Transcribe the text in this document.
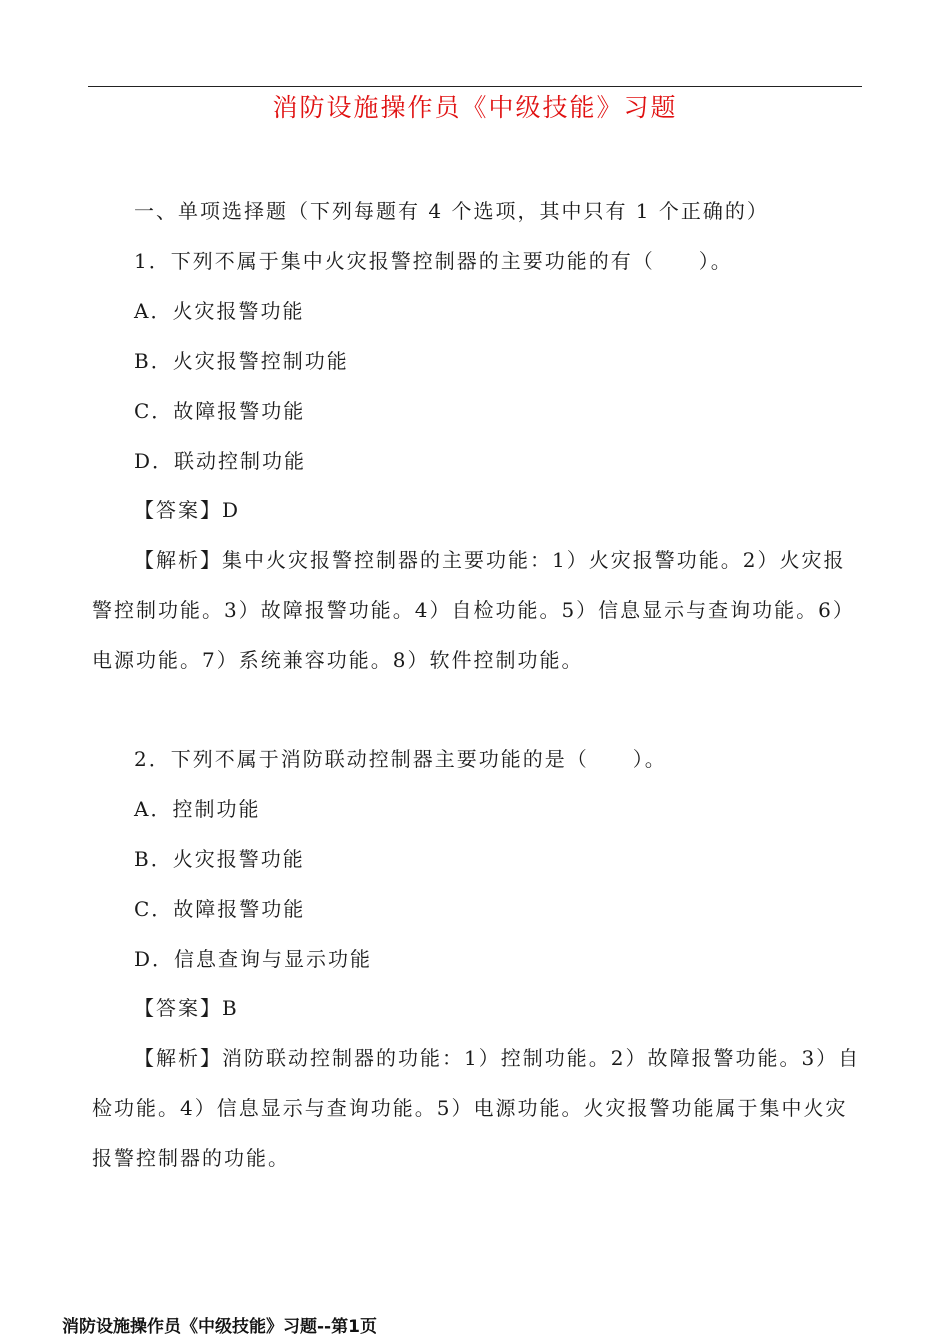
消防设施操作员《中级技能》习题
一、单项选择题（下列每题有 4 个选项，其中只有 1 个正确的）
1．下列不属于集中火灾报警控制器的主要功能的有（　　）。
A．火灾报警功能
B．火灾报警控制功能
C．故障报警功能
D．联动控制功能
【答案】D
【解析】集中火灾报警控制器的主要功能：1）火灾报警功能。2）火灾报
警控制功能。3）故障报警功能。4）自检功能。5）信息显示与查询功能。6）
电源功能。7）系统兼容功能。8）软件控制功能。
2．下列不属于消防联动控制器主要功能的是（　　）。
A．控制功能
B．火灾报警功能
C．故障报警功能
D．信息查询与显示功能
【答案】B
【解析】消防联动控制器的功能：1）控制功能。2）故障报警功能。3）自
检功能。4）信息显示与查询功能。5）电源功能。火灾报警功能属于集中火灾
报警控制器的功能。
消防设施操作员《中级技能》习题--第1页
